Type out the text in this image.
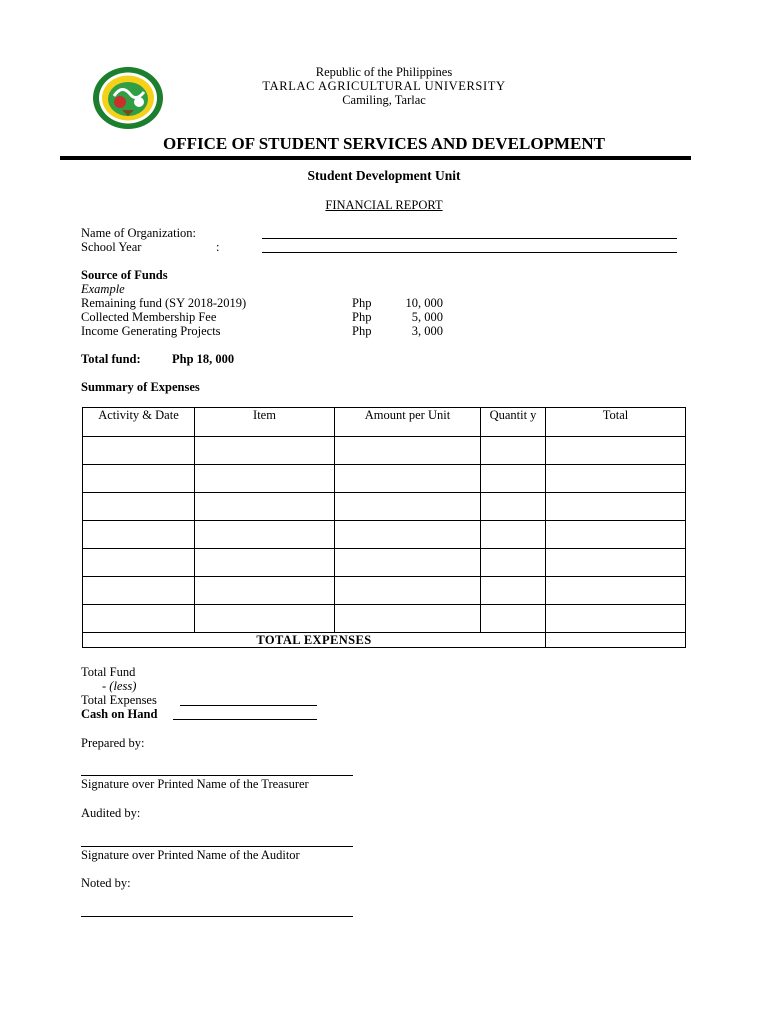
Republic of the Philippines
TARLAC AGRICULTURAL UNIVERSITY
Camiling, Tarlac
OFFICE OF STUDENT SERVICES AND DEVELOPMENT
Student Development Unit
FINANCIAL REPORT
Name of Organization:
School Year	:
Source of Funds
Example
Remaining fund (SY 2018-2019)	Php	10, 000
Collected Membership Fee	Php	5, 000
Income Generating Projects	Php	3, 000
Total fund:	Php 18, 000
Summary of Expenses
Activity & Date	Item	Amount per Unit	Quantit y	Total

TOTAL EXPENSES				
Total Fund
- (less)
Total Expenses
Cash on Hand
Prepared by:
Signature over Printed Name of the Treasurer
Audited by:
Signature over Printed Name of the Auditor
Noted by:
